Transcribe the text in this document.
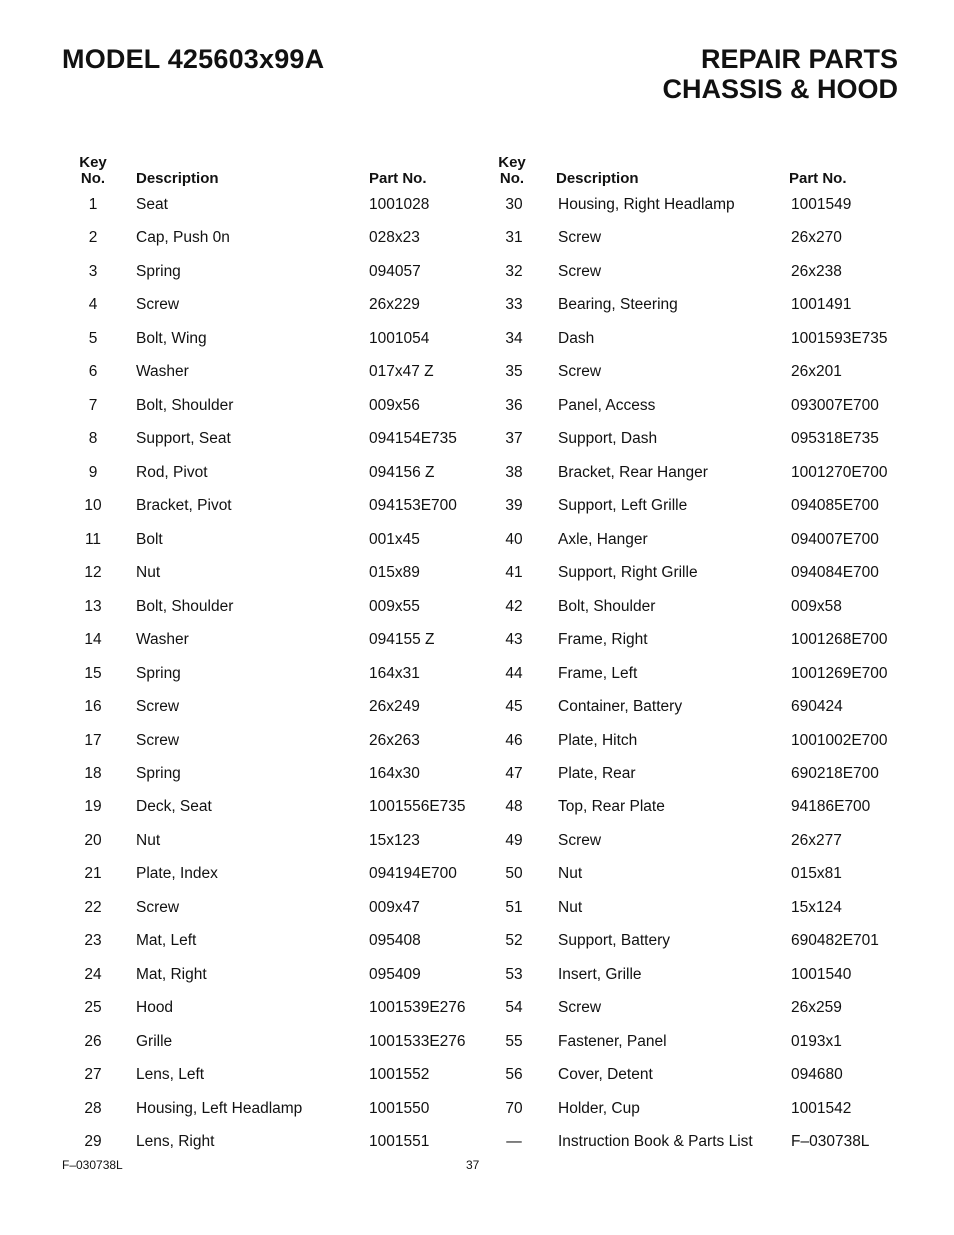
MODEL 425603x99A	REPAIR PARTS
CHASSIS & HOOD
Key
No.	Description	Part No.
1	Seat	1001028
2	Cap, Push 0n	028x23
3	Spring	094057
4	Screw	26x229
5	Bolt, Wing	1001054
6	Washer	017x47 Z
7	Bolt, Shoulder	009x56
8	Support, Seat	094154E735
9	Rod, Pivot	094156 Z
10	Bracket, Pivot	094153E700
11	Bolt	001x45
12	Nut	015x89
13	Bolt, Shoulder	009x55
14	Washer	094155 Z
15	Spring	164x31
16	Screw	26x249
17	Screw	26x263
18	Spring	164x30
19	Deck, Seat	1001556E735
20	Nut	15x123
21	Plate, Index	094194E700
22	Screw	009x47
23	Mat, Left	095408
24	Mat, Right	095409
25	Hood	1001539E276
26	Grille	1001533E276
27	Lens, Left	1001552
28	Housing, Left Headlamp	1001550
29	Lens, Right	1001551
Key
No.	Description	Part No.
30	Housing, Right Headlamp	1001549
31	Screw	26x270
32	Screw	26x238
33	Bearing, Steering	1001491
34	Dash	1001593E735
35	Screw	26x201
36	Panel, Access	093007E700
37	Support, Dash	095318E735
38	Bracket, Rear Hanger	1001270E700
39	Support, Left Grille	094085E700
40	Axle, Hanger	094007E700
41	Support, Right Grille	094084E700
42	Bolt, Shoulder	009x58
43	Frame, Right	1001268E700
44	Frame, Left	1001269E700
45	Container, Battery	690424
46	Plate, Hitch	1001002E700
47	Plate, Rear	690218E700
48	Top, Rear Plate	94186E700
49	Screw	26x277
50	Nut	015x81
51	Nut	15x124
52	Support, Battery	690482E701
53	Insert, Grille	1001540
54	Screw	26x259
55	Fastener, Panel	0193x1
56	Cover, Detent	094680
70	Holder, Cup	1001542
—	Instruction Book & Parts List F–030738L
F–030738L	37
